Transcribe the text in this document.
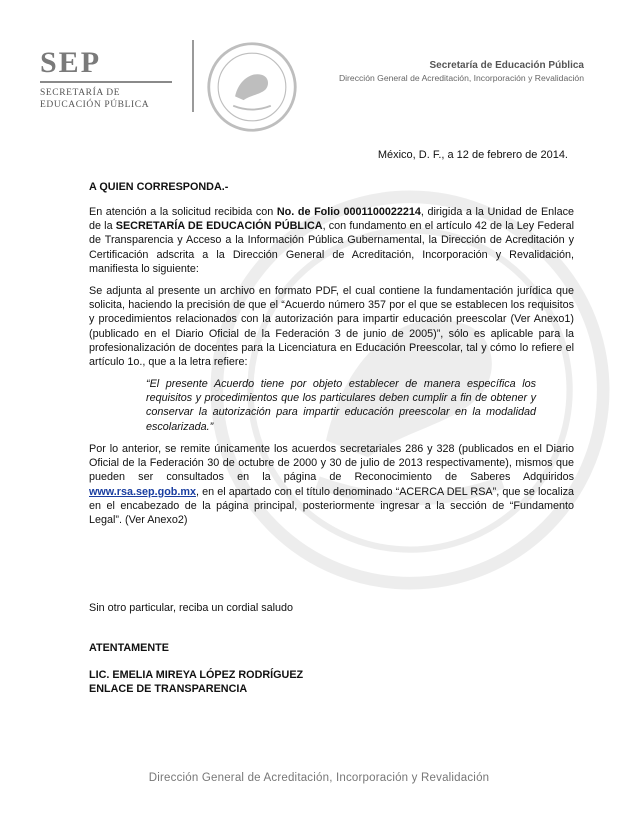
SEP
SECRETARÍA DE
EDUCACIÓN PÚBLICA
Secretaría de Educación Pública
Dirección General de Acreditación, Incorporación y Revalidación
México, D. F., a 12 de febrero de 2014.
A QUIEN CORRESPONDA.-
En atención a la solicitud recibida con No. de Folio 0001100022214, dirigida a la Unidad de Enlace de la SECRETARÍA DE EDUCACIÓN PÚBLICA, con fundamento en el artículo 42 de la Ley Federal de Transparencia y Acceso a la Información Pública Gubernamental, la Dirección de Acreditación y Certificación adscrita a la Dirección General de Acreditación, Incorporación y Revalidación, manifiesta lo siguiente:
Se adjunta al presente un archivo en formato PDF, el cual contiene la fundamentación jurídica que solicita, haciendo la precisión de que el “Acuerdo número 357 por el que se establecen los requisitos y procedimientos relacionados con la autorización para impartir educación preescolar (Ver Anexo1) (publicado en el Diario Oficial de la Federación 3 de junio de 2005)”, sólo es aplicable para la profesionalización de docentes para la Licenciatura en Educación Preescolar, tal y cómo lo refiere el artículo 1o., que a la letra refiere:
“El presente Acuerdo tiene por objeto establecer de manera específica los requisitos y procedimientos que los particulares deben cumplir a fin de obtener y conservar la autorización para impartir educación preescolar en la modalidad escolarizada.”
Por lo anterior, se remite únicamente los acuerdos secretariales 286 y 328 (publicados en el Diario Oficial de la Federación 30 de octubre de 2000 y 30 de julio de 2013 respectivamente), mismos que pueden ser consultados en la página de Reconocimiento de Saberes Adquiridos www.rsa.sep.gob.mx, en el apartado con el título denominado “ACERCA DEL RSA”, que se localiza en el encabezado de la página principal, posteriormente ingresar a la sección de “Fundamento Legal”. (Ver Anexo2)
Sin otro particular, reciba un cordial saludo
ATENTAMENTE
LIC. EMELIA MIREYA LÓPEZ RODRÍGUEZ
ENLACE DE TRANSPARENCIA
Dirección General de Acreditación, Incorporación y Revalidación
